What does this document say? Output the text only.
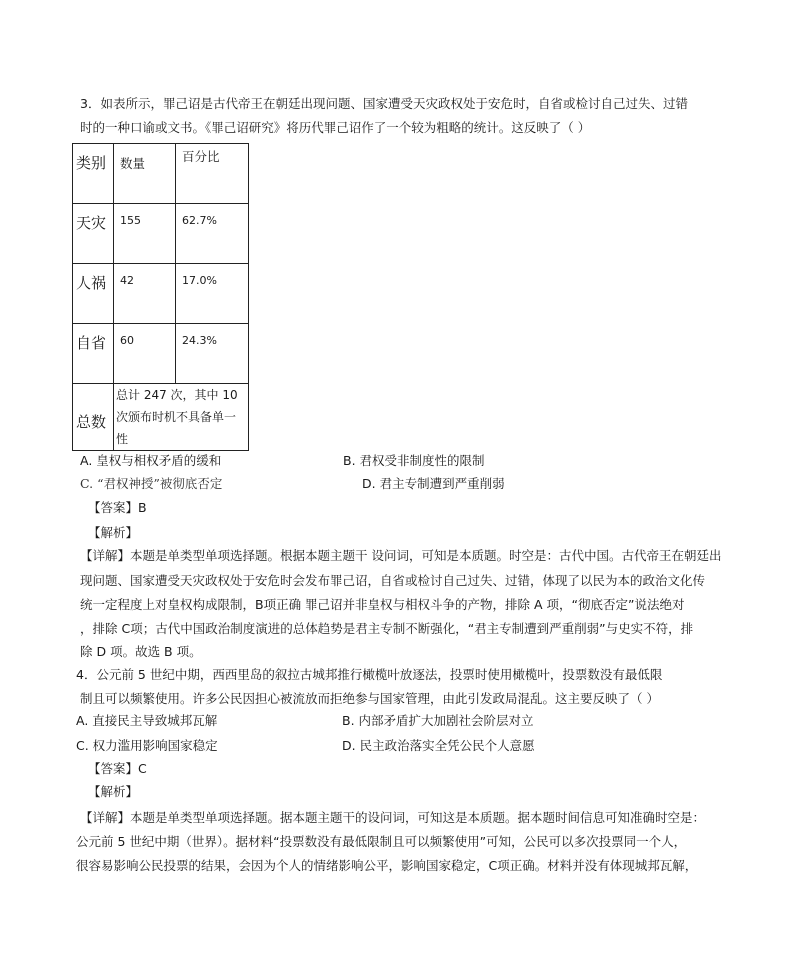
3．如表所示，罪己诏是古代帝王在朝廷出现问题、国家遭受天灾政权处于安危时，自省或检讨自己过失、过错
时的一种口谕或文书。《罪己诏研究》将历代罪己诏作了一个较为粗略的统计。这反映了（ ）
类别	数量	百分比
天灾	155	62.7%
人祸	42	17.0%
自省	60	24.3%
总数	总计 247 次，其中 10 次颁布时机不具备单一性	
A. 皇权与相权矛盾的缓和	B. 君权受非制度性的限制
C. “君权神授”被彻底否定	D. 君主专制遭到严重削弱
【答案】B
【解析】
【详解】本题是单类型单项选择题。根据本题主题干 设问词，可知是本质题。时空是：古代中国。古代帝王在朝廷出
现问题、国家遭受天灾政权处于安危时会发布罪己诏，自省或检讨自己过失、过错，体现了以民为本的政治文化传
统一定程度上对皇权构成限制，B项正确 罪己诏并非皇权与相权斗争的产物，排除 A 项，“彻底否定”说法绝对
，排除 C项；古代中国政治制度演进的总体趋势是君主专制不断强化，“君主专制遭到严重削弱”与史实不符，排
除 D 项。故选 B 项。
4．公元前 5 世纪中期，西西里岛的叙拉古城邦推行橄榄叶放逐法，投票时使用橄榄叶，投票数没有最低限
制且可以频繁使用。许多公民因担心被流放而拒绝参与国家管理，由此引发政局混乱。这主要反映了（ ）
A. 直接民主导致城邦瓦解	B. 内部矛盾扩大加剧社会阶层对立
C. 权力滥用影响国家稳定	D. 民主政治落实全凭公民个人意愿
【答案】C
【解析】
【详解】本题是单类型单项选择题。据本题主题干的设问词，可知这是本质题。据本题时间信息可知准确时空是：
公元前 5 世纪中期（世界）。据材料“投票数没有最低限制且可以频繁使用”可知，公民可以多次投票同一个人，
很容易影响公民投票的结果，会因为个人的情绪影响公平，影响国家稳定，C项正确。材料并没有体现城邦瓦解，
